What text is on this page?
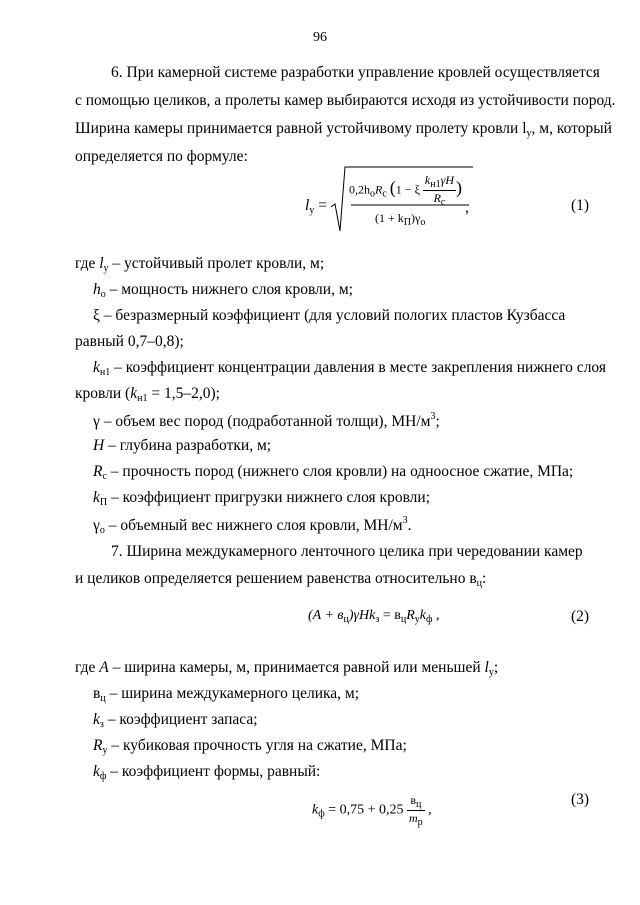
96
6. При камерной системе разработки управление кровлей осуществляется
с помощью целиков, а пролеты камер выбираются исходя из устойчивости пород.
Ширина камеры принимается равной устойчивому пролету кровли $l_у$, м, который
определяется по формуле:
$l_у$ =
$0,2h_оR_с$ (1 − ξ $\frac{k_{н1}\gamma H}{R_с}$ )
$(1 + k_П)\gamma_о$
,	(1)
где $l_у$ – устойчивый пролет кровли, м;
$h_о$ – мощность нижнего слоя кровли, м;
ξ – безразмерный коэффициент (для условий пологих пластов Кузбасса
равный 0,7–0,8);
$k_{н1}$ – коэффициент концентрации давления в месте закрепления нижнего слоя
кровли $(k_{н1} = 1,5-2,0)$;
γ – объем вес пород (подработанной толщи), $МН/м^3$;
H – глубина разработки, м;
$R_с$ – прочность пород (нижнего слоя кровли) на одноосное сжатие, МПа;
$k_П$ – коэффициент пригрузки нижнего слоя кровли;
$\gamma_о$ – объемный вес нижнего слоя кровли, $МН/м^3$.
7. Ширина междукамерного ленточного целика при чередовании камер
и целиков определяется решением равенства относительно $в_ц$:
$(A + в_ц)\gamma Hk_з = в_цR_уk_ф$ ,	(2)
где A – ширина камеры, м, принимается равной или меньшей $l_у$;
$в_ц$ – ширина междукамерного целика, м;
$k_з$ – коэффициент запаса;
$R_у$ – кубиковая прочность угля на сжатие, МПа;
$k_ф$ – коэффициент формы, равный:
$k_ф = 0,75 + 0,25 \frac{в_ц}{m_р}$ ,
(3)
